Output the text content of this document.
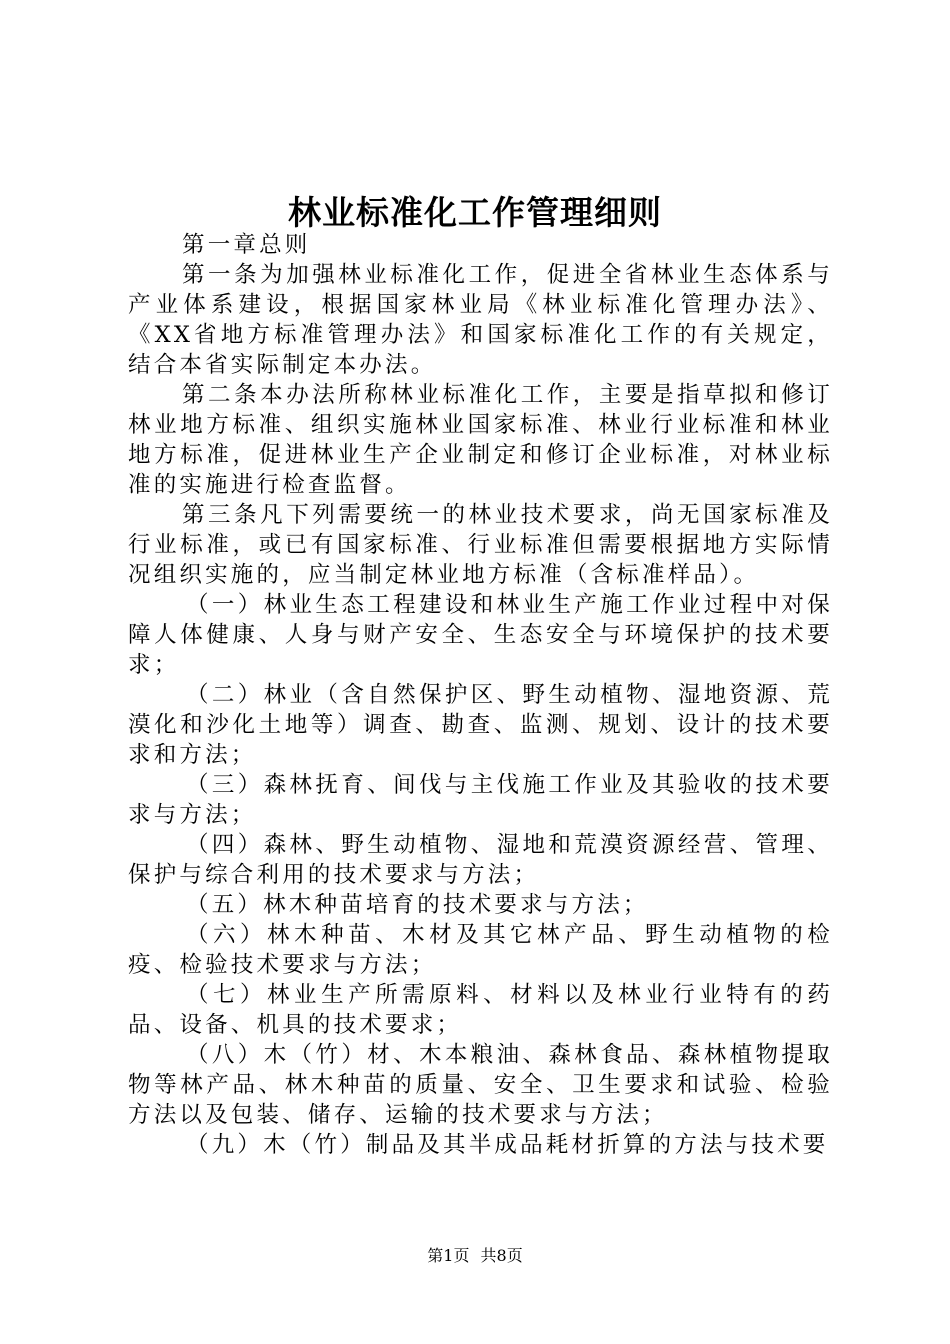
林业标准化工作管理细则

第一章总则

第一条为加强林业标准化工作，促进全省林业生态体系与产业体系建设，根据国家林业局《林业标准化管理办法》、《XX省地方标准管理办法》和国家标准化工作的有关规定，结合本省实际制定本办法。

第二条本办法所称林业标准化工作，主要是指草拟和修订林业地方标准、组织实施林业国家标准、林业行业标准和林业地方标准，促进林业生产企业制定和修订企业标准，对林业标准的实施进行检查监督。

第三条凡下列需要统一的林业技术要求，尚无国家标准及行业标准，或已有国家标准、行业标准但需要根据地方实际情况组织实施的，应当制定林业地方标准（含标准样品）。

（一）林业生态工程建设和林业生产施工作业过程中对保障人体健康、人身与财产安全、生态安全与环境保护的技术要求；

（二）林业（含自然保护区、野生动植物、湿地资源、荒漠化和沙化土地等）调查、勘查、监测、规划、设计的技术要求和方法；

（三）森林抚育、间伐与主伐施工作业及其验收的技术要求与方法；

（四）森林、野生动植物、湿地和荒漠资源经营、管理、保护与综合利用的技术要求与方法；

（五）林木种苗培育的技术要求与方法；

（六）林木种苗、木材及其它林产品、野生动植物的检疫、检验技术要求与方法；

（七）林业生产所需原料、材料以及林业行业特有的药品、设备、机具的技术要求；

（八）木（竹）材、木本粮油、森林食品、森林植物提取物等林产品、林木种苗的质量、安全、卫生要求和试验、检验方法以及包装、储存、运输的技术要求与方法；

（九）木（竹）制品及其半成品耗材折算的方法与技术要

第1页 共8页
